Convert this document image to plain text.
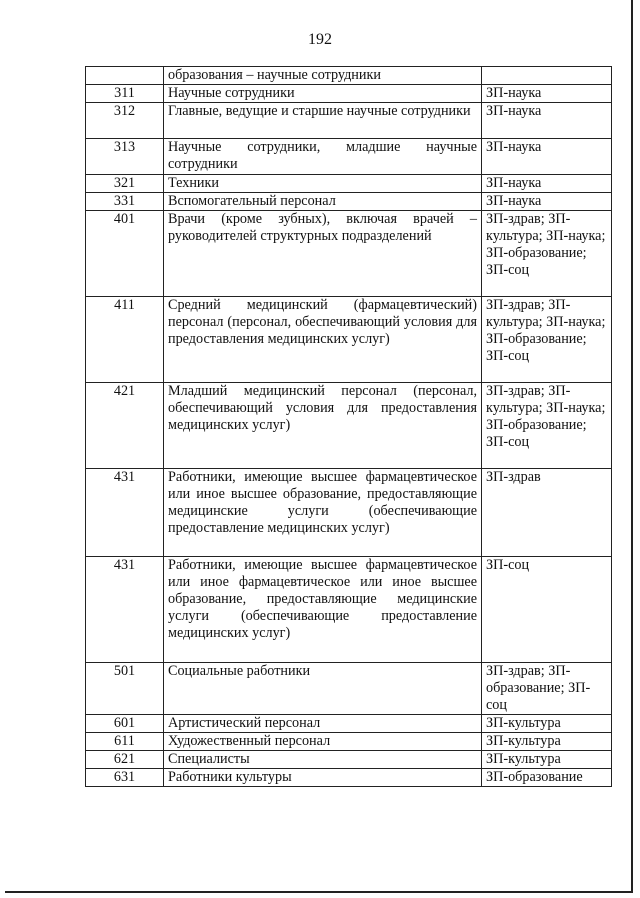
192
	образования – научные сотрудники	
311	Научные сотрудники	ЗП-наука
312	Главные, ведущие и старшие научные сотрудники	ЗП-наука
313	Научные сотрудники, младшие научные сотрудники	ЗП-наука
321	Техники	ЗП-наука
331	Вспомогательный персонал	ЗП-наука
401	Врачи (кроме зубных), включая врачей – руководителей структурных подразделений	ЗП-здрав; ЗП-культура; ЗП-наука; ЗП-образование; ЗП-соц
411	Средний медицинский (фармацевтический) персонал (персонал, обеспечивающий условия для предоставления медицинских услуг)	ЗП-здрав; ЗП-культура; ЗП-наука; ЗП-образование; ЗП-соц
421	Младший медицинский персонал (персонал, обеспечивающий условия для предоставления медицинских услуг)	ЗП-здрав; ЗП-культура; ЗП-наука; ЗП-образование; ЗП-соц
431	Работники, имеющие высшее фармацевтическое или иное высшее образование, предоставляющие медицинские услуги (обеспечивающие предоставление медицинских услуг)	ЗП-здрав
431	Работники, имеющие высшее фармацевтическое или иное фармацевтическое или иное высшее образование, предоставляющие медицинские услуги (обеспечивающие предоставление медицинских услуг)	ЗП-соц
501	Социальные работники	ЗП-здрав; ЗП-образование; ЗП-соц
601	Артистический персонал	ЗП-культура
611	Художественный персонал	ЗП-культура
621	Специалисты	ЗП-культура
631	Работники культуры	ЗП-образование
